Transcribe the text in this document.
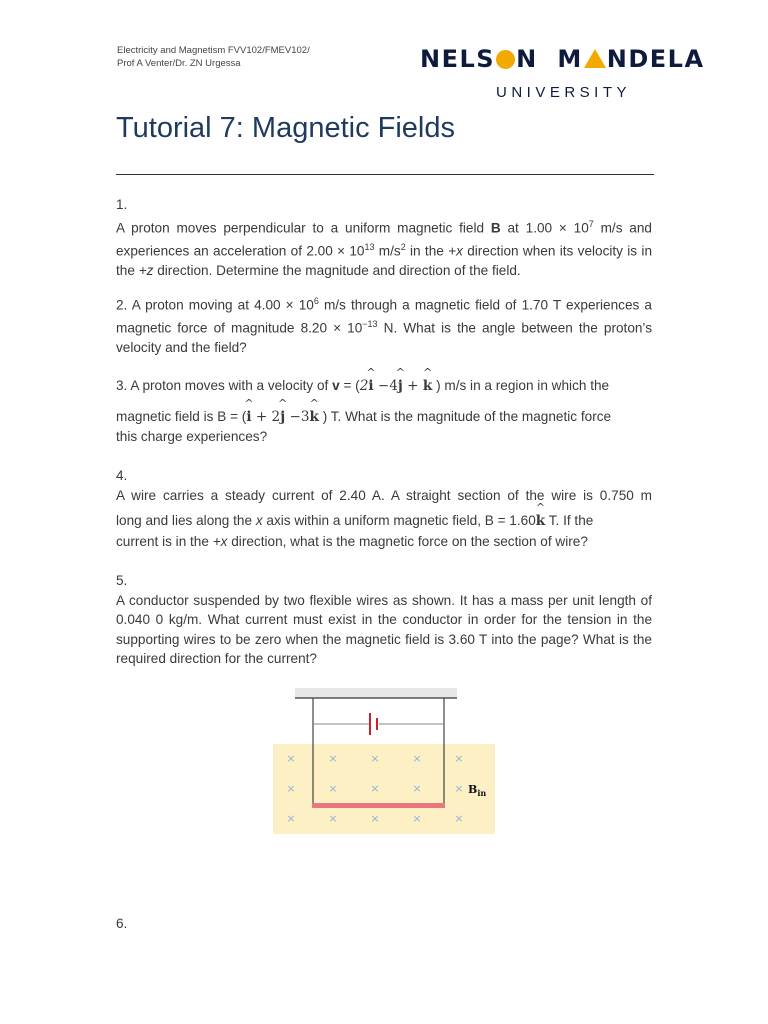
Electricity and Magnetism FVV102/FMEV102/
Prof A Venter/Dr. ZN Urgessa	NELS N M NDELA
UNIVERSITY
Tutorial 7: Magnetic Fields
1.
A proton moves perpendicular to a uniform magnetic field B at $1.00 \times 10^7$ m/s and experiences an acceleration of $2.00 \times 10^{13}$ $m/s^2$ in the +x direction when its velocity is in the +z direction. Determine the magnitude and direction of the field.
2. A proton moving at $4.00 \times 10^6$ m/s through a magnetic field of 1.70 T experiences a magnetic force of magnitude $8.20 \times 10^{-13}$ N. What is the angle between the proton’s velocity and the field?
3. A proton moves with a velocity of v = (2^ i −4^ j + ^ k ) m/s in a region in which the
magnetic field is B = (^ i + 2^ j −3^ k ) T. What is the magnitude of the magnetic force
this charge experiences?
4.
A wire carries a steady current of 2.40 A. A straight section of the wire is 0.750 m
long and lies along the x axis within a uniform magnetic field, B = 1.60^ k T. If the
current is in the +x direction, what is the magnetic force on the section of wire?
5.
A conductor suspended by two flexible wires as shown. It has a mass per unit length of 0.040 0 kg/m. What current must exist in the conductor in order for the tension in the supporting wires to be zero when the magnetic field is 3.60 T into the page? What is the required direction for the current?
×	×	×	×	×
×	×	×	×	×
×	×	×	×	×
$B_{in}$
6.
